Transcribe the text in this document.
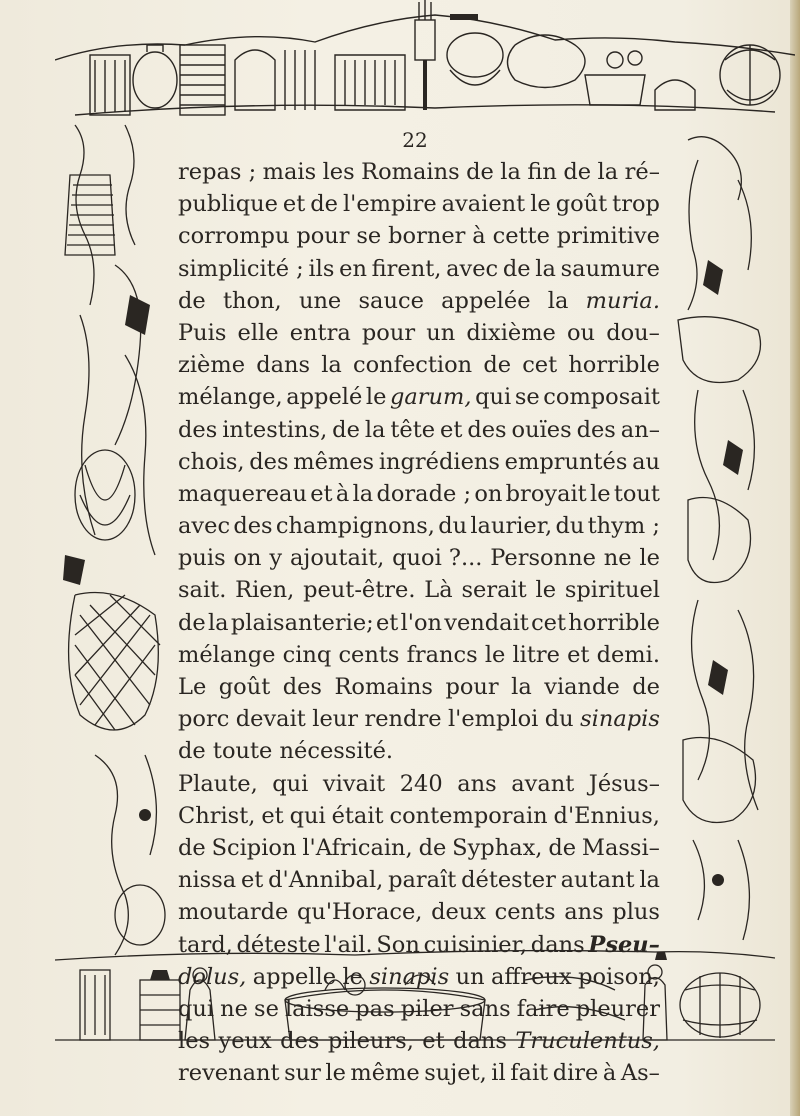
22
repas ; mais les Romains de la fin de la ré–
publique et de l'empire avaient le goût trop
corrompu pour se borner à cette primitive
simplicité ; ils en firent, avec de la saumure
de thon, une sauce appelée la muria.
Puis elle entra pour un dixième ou dou–
zième dans la confection de cet horrible
mélange, appelé le garum, qui se composait
des intestins, de la tête et des ouïes des an–
chois, des mêmes ingrédiens empruntés au
maquereau et à la dorade ; on broyait le tout
avec des champignons, du laurier, du thym ;
puis on y ajoutait, quoi ?... Personne ne le
sait. Rien, peut-être. Là serait le spirituel
de la plaisanterie; et l'on vendait cet horrible
mélange cinq cents francs le litre et demi.
Le goût des Romains pour la viande de
porc devait leur rendre l'emploi du sinapis
de toute nécessité.
Plaute, qui vivait 240 ans avant Jésus–
Christ, et qui était contemporain d'Ennius,
de Scipion l'Africain, de Syphax, de Massi–
nissa et d'Annibal, paraît détester autant la
moutarde qu'Horace, deux cents ans plus
tard, déteste l'ail. Son cuisinier, dans Pseu–
dolus, appelle le sinapis un affreux poison,
qui ne se laisse pas piler sans faire pleurer
les yeux des pileurs, et dans Truculentus,
revenant sur le même sujet, il fait dire à As–
